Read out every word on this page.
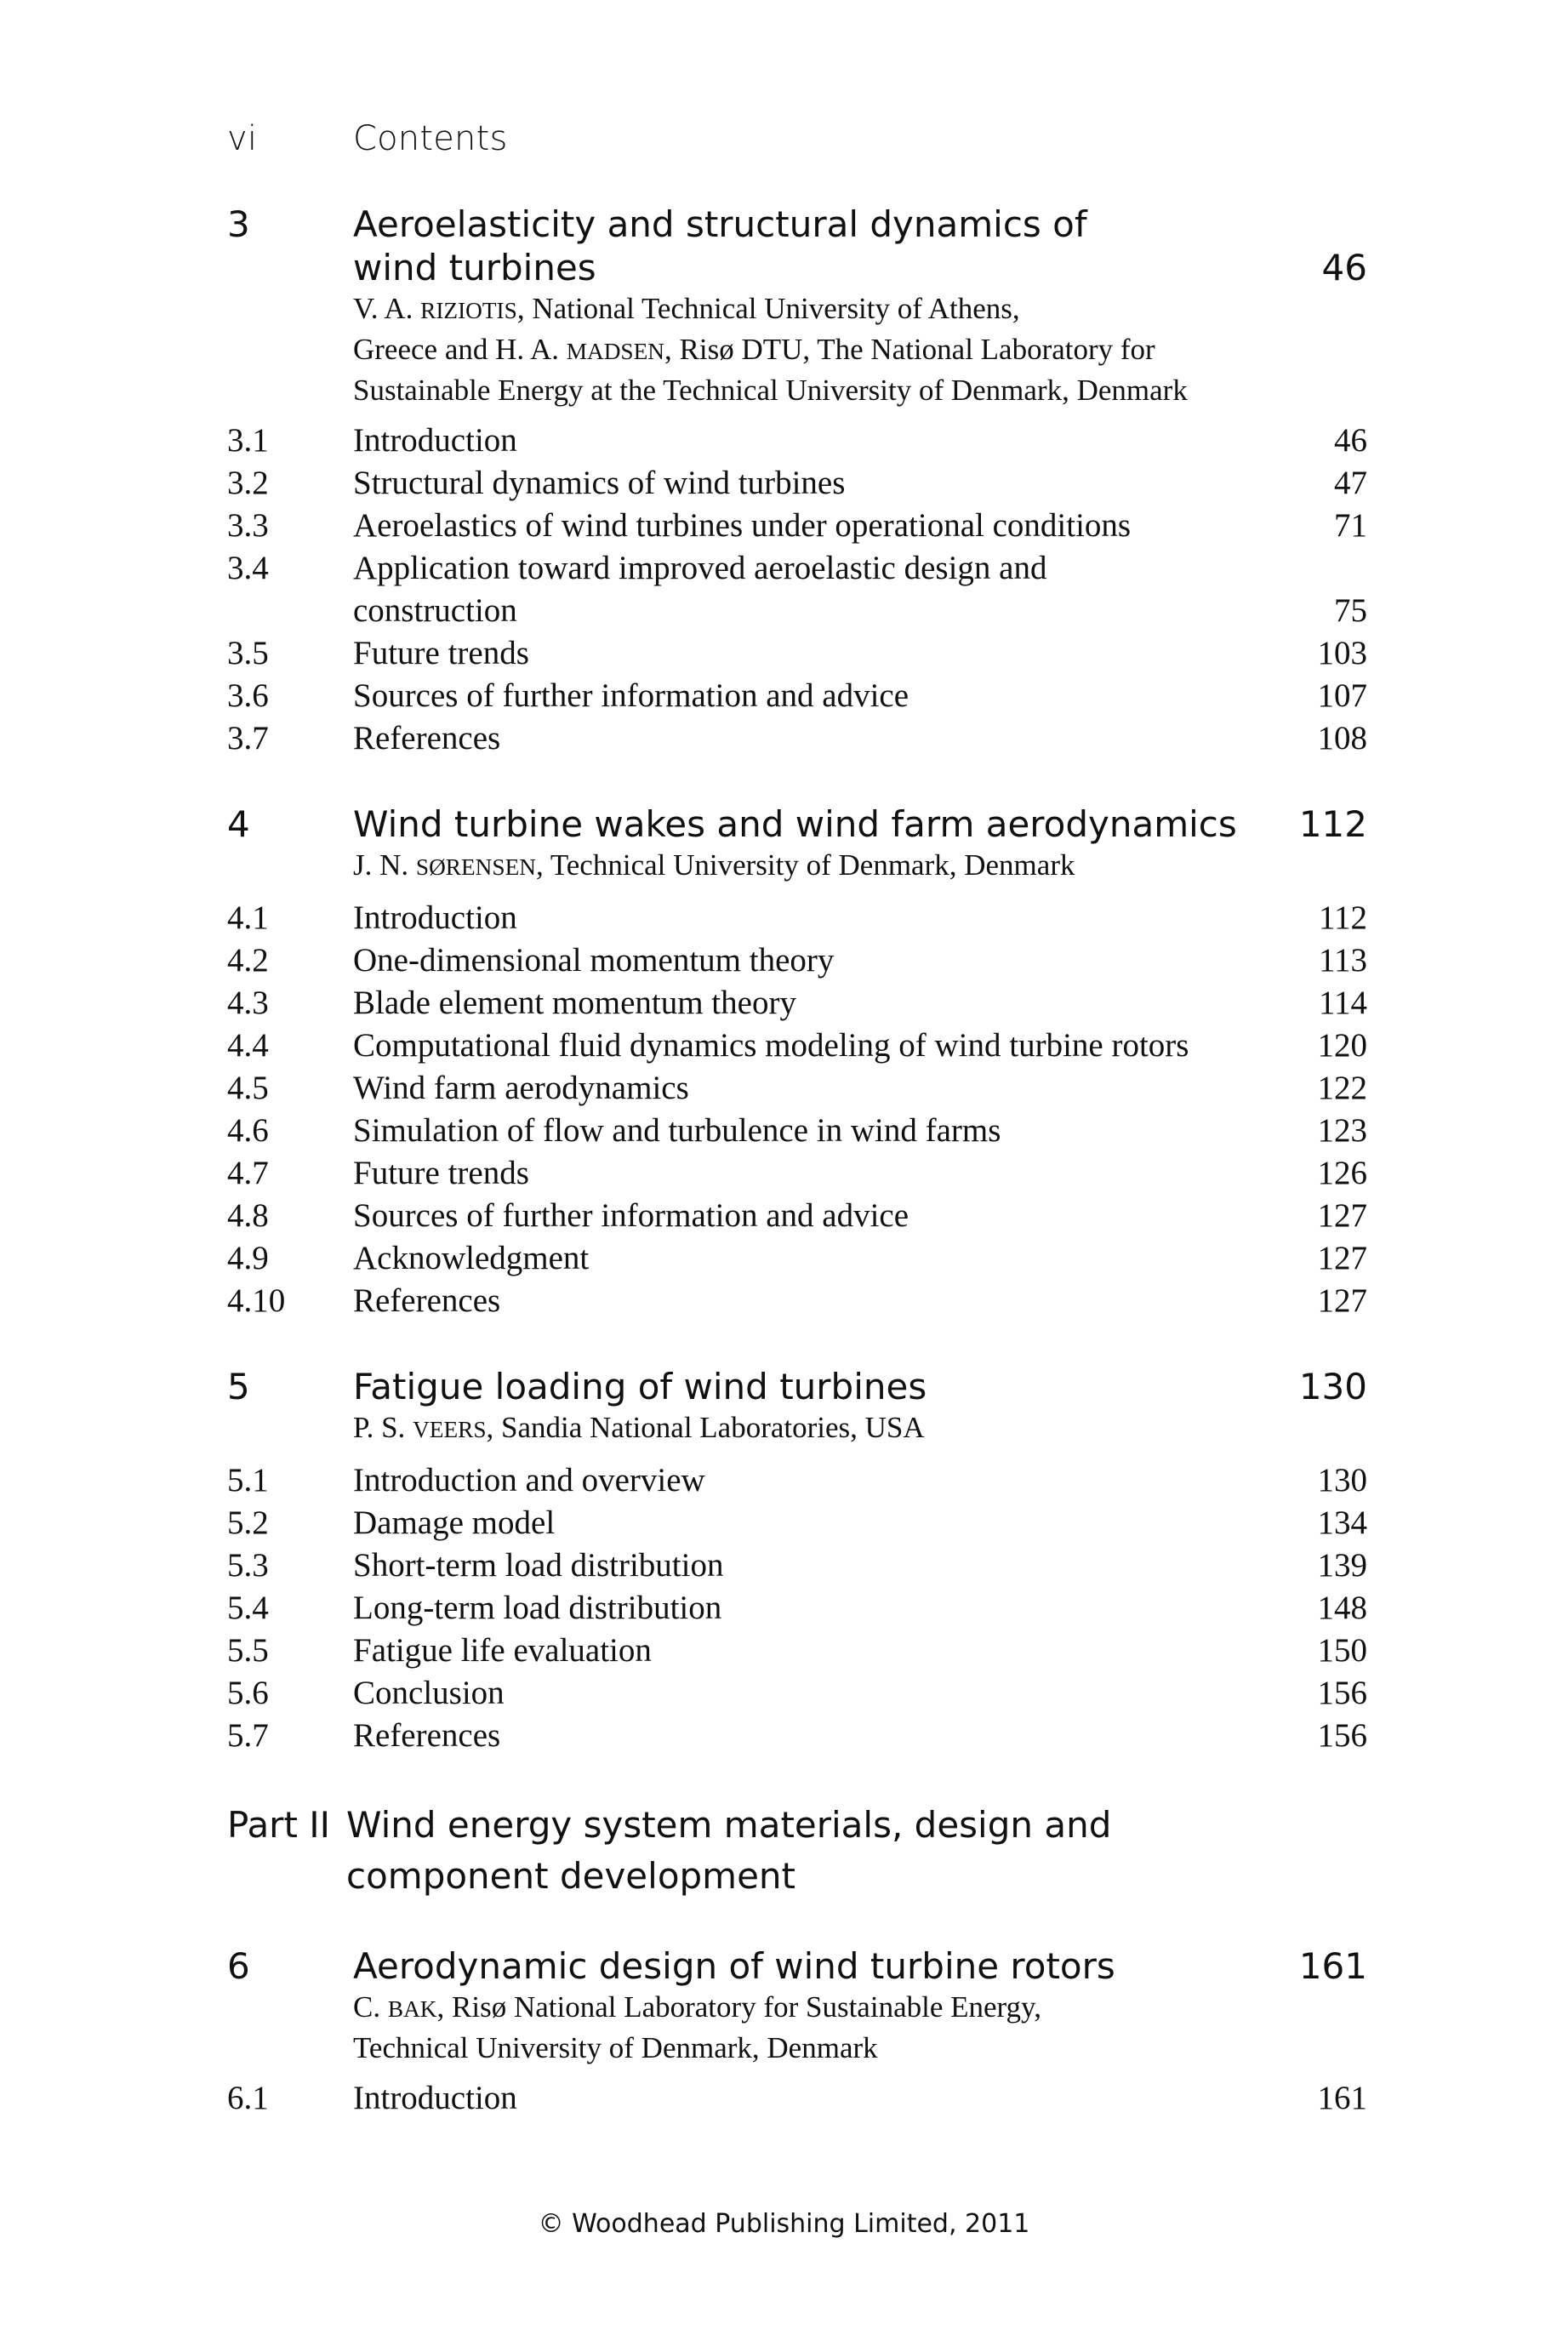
vi	Contents
3	Aeroelasticity and structural dynamics of
wind turbines	46
V. A. RIZIOTIS, National Technical University of Athens,
Greece and H. A. MADSEN, Risø DTU, The National Laboratory for
Sustainable Energy at the Technical University of Denmark, Denmark
3.1	Introduction	46
3.2	Structural dynamics of wind turbines	47
3.3	Aeroelastics of wind turbines under operational conditions	71
3.4	Application toward improved aeroelastic design and
construction	75
3.5	Future trends	103
3.6	Sources of further information and advice	107
3.7	References	108
4	Wind turbine wakes and wind farm aerodynamics 112
J. N. SØRENSEN, Technical University of Denmark, Denmark
4.1	Introduction	112
4.2	One-dimensional momentum theory	113
4.3	Blade element momentum theory	114
4.4	Computational fluid dynamics modeling of wind turbine rotors	120
4.5	Wind farm aerodynamics	122
4.6	Simulation of flow and turbulence in wind farms	123
4.7	Future trends	126
4.8	Sources of further information and advice	127
4.9	Acknowledgment	127
4.10 References	127
5	Fatigue loading of wind turbines	130
P. S. VEERS, Sandia National Laboratories, USA
5.1	Introduction and overview	130
5.2	Damage model	134
5.3	Short-term load distribution	139
5.4	Long-term load distribution	148
5.5	Fatigue life evaluation	150
5.6	Conclusion	156
5.7	References	156
Part II Wind energy system materials, design and
component development
6	Aerodynamic design of wind turbine rotors	161
C. BAK, Risø National Laboratory for Sustainable Energy,
Technical University of Denmark, Denmark
6.1	Introduction	161
© Woodhead Publishing Limited, 2011
